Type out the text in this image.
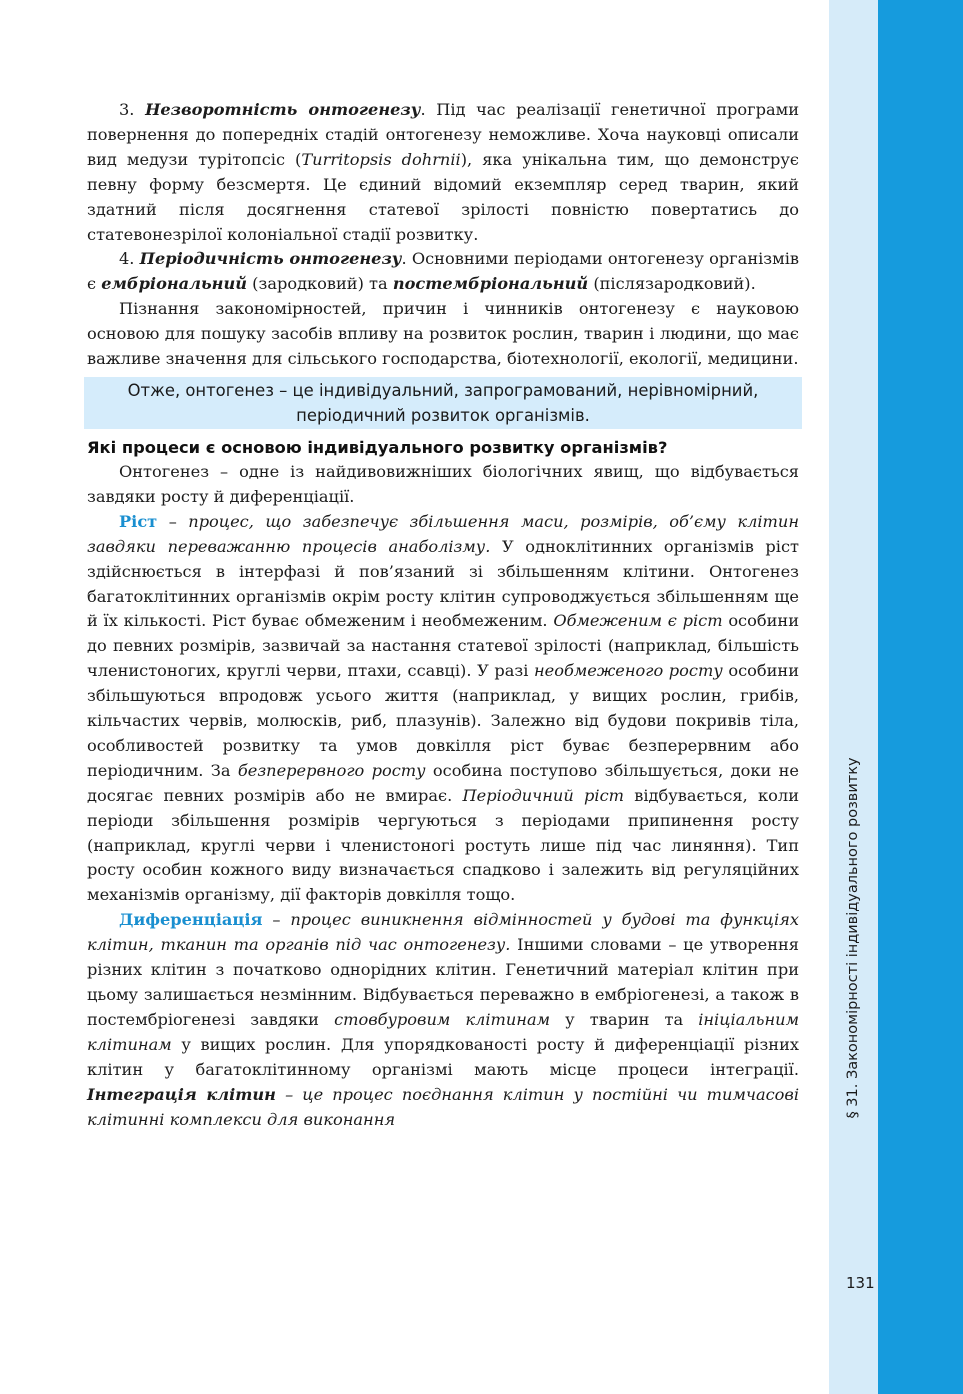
§ 31. Закономірності індивідуального розвитку
131

3. Незворотність онтогенезу. Під час реалізації генетичної програми повернення до попередніх стадій онтогенезу неможливе. Хоча науковці описали вид медузи турітопсіс (Turritopsis dohrnii), яка унікальна тим, що демонструє певну форму безсмертя. Це єдиний відомий екземпляр серед тварин, який здатний після досягнення статевої зрілості повністю повертатись до статевонезрілої колоніальної стадії розвитку.

4. Періодичність онтогенезу. Основними періодами онтогенезу організмів є ембріональний (зародковий) та постембріональний (післязародковий).

Пізнання закономірностей, причин і чинників онтогенезу є науковою основою для пошуку засобів впливу на розвиток рослин, тварин і людини, що має важливе значення для сільського господарства, біотехнології, екології, медицини.

Отже, онтогенез – це індивідуальний, запрограмований, нерівномірний,
періодичний розвиток організмів.
Які процеси є основою індивідуального розвитку організмів?

Онтогенез – одне із найдивовижніших біологічних явищ, що відбувається завдяки росту й диференціації.

Ріст – процес, що забезпечує збільшення маси, розмірів, об’єму клітин завдяки переважанню процесів анаболізму. У одноклітинних організмів ріст здійснюється в інтерфазі й пов’язаний зі збільшенням клітини. Онтогенез багатоклітинних організмів окрім росту клітин супроводжується збільшенням ще й їх кількості. Ріст буває обмеженим і необмеженим. Обмеженим є ріст особини до певних розмірів, зазвичай за настання статевої зрілості (наприклад, більшість членистоногих, круглі черви, птахи, ссавці). У разі необмеженого росту особини збільшуються впродовж усього життя (наприклад, у вищих рослин, грибів, кільчастих червів, молюсків, риб, плазунів). Залежно від будови покривів тіла, особливостей розвитку та умов довкілля ріст буває безперервним або періодичним. За безперервного росту особина поступово збільшується, доки не досягає певних розмірів або не вмирає. Періодичний ріст відбувається, коли періоди збільшення розмірів чергуються з періодами припинення росту (наприклад, круглі черви і членистоногі ростуть лише під час линяння). Тип росту особин кожного виду визначається спадково і залежить від регуляційних механізмів організму, дії факторів довкілля тощо.

Диференціація – процес виникнення відмінностей у будові та функціях клітин, тканин та органів під час онтогенезу. Іншими словами – це утворення різних клітин з початково однорідних клітин. Генетичний матеріал клітин при цьому залишається незмінним. Відбувається переважно в ембріогенезі, а також в постембріогенезі завдяки стовбуровим клітинам у тварин та ініціальним клітинам у вищих рослин. Для упорядкованості росту й диференціації різних клітин у багатоклітинному організмі мають місце процеси інтеграції. Інтеграція клітин – це процес поєднання клітин у постійні чи тимчасові клітинні комплекси для виконання
